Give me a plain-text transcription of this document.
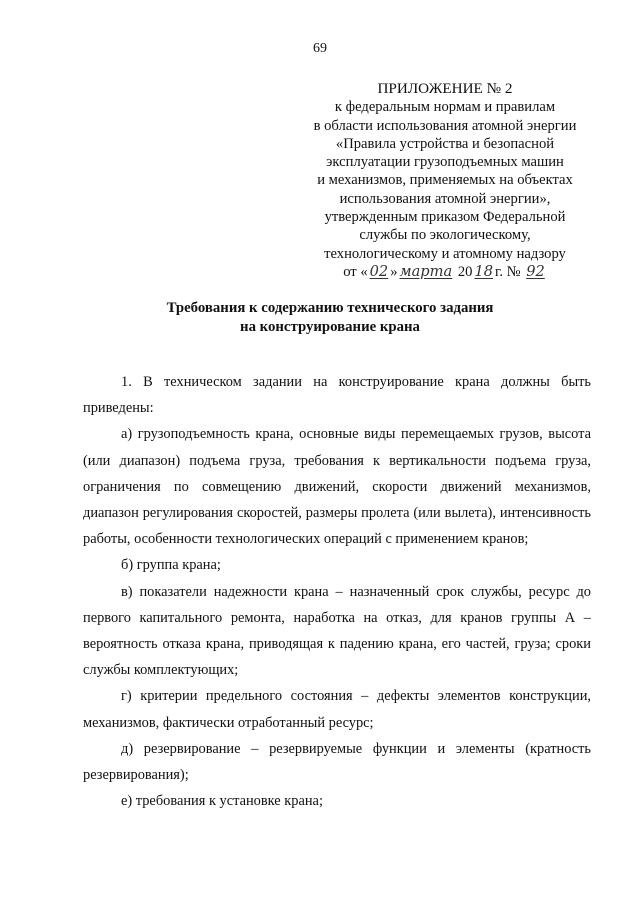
69
ПРИЛОЖЕНИЕ № 2
к федеральным нормам и правилам
в области использования атомной энергии
«Правила устройства и безопасной
эксплуатации грузоподъемных машин
и механизмов, применяемых на объектах
использования атомной энергии»,
утвержденным приказом Федеральной
службы по экологическому,
технологическому и атомному надзору
от « 02 » марта 20 18 г. № 92
Требования к содержанию технического задания
на конструирование крана

1. В техническом задании на конструирование крана должны быть приведены:

а) грузоподъемность крана, основные виды перемещаемых грузов, высота (или диапазон) подъема груза, требования к вертикальности подъема груза, ограничения по совмещению движений, скорости движений механизмов, диапазон регулирования скоростей, размеры пролета (или вылета), интенсивность работы, особенности технологических операций с применением кранов;

б) группа крана;

в) показатели надежности крана – назначенный срок службы, ресурс до первого капитального ремонта, наработка на отказ, для кранов группы А – вероятность отказа крана, приводящая к падению крана, его частей, груза; сроки службы комплектующих;

г) критерии предельного состояния – дефекты элементов конструкции, механизмов, фактически отработанный ресурс;

д) резервирование – резервируемые функции и элементы (кратность резервирования);

е) требования к установке крана;
